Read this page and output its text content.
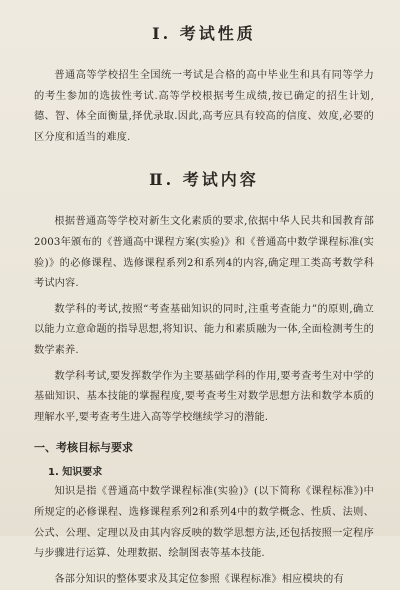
Ⅰ. 考试性质

普通高等学校招生全国统一考试是合格的高中毕业生和具有同等学力的考生参加的选拔性考试.高等学校根据考生成绩,按已确定的招生计划,德、智、体全面衡量,择优录取.因此,高考应具有较高的信度、效度,必要的区分度和适当的难度.

Ⅱ. 考试内容

根据普通高等学校对新生文化素质的要求,依据中华人民共和国教育部2003年颁布的《普通高中课程方案(实验)》和《普通高中数学课程标准(实验)》的必修课程、选修课程系列2和系列4的内容,确定理工类高考数学科考试内容.

数学科的考试,按照“考查基础知识的同时,注重考查能力”的原则,确立以能力立意命题的指导思想,将知识、能力和素质融为一体,全面检测考生的数学素养.

数学科考试,要发挥数学作为主要基础学科的作用,要考查考生对中学的基础知识、基本技能的掌握程度,要考查考生对数学思想方法和数学本质的理解水平,要考查考生进入高等学校继续学习的潜能.

一、考核目标与要求
1. 知识要求

知识是指《普通高中数学课程标准(实验)》(以下简称《课程标准》)中所规定的必修课程、选修课程系列2和系列4中的数学概念、性质、法则、公式、公理、定理以及由其内容反映的数学思想方法,还包括按照一定程序与步骤进行运算、处理数据、绘制图表等基本技能.

各部分知识的整体要求及其定位参照《课程标准》相应模块的有
